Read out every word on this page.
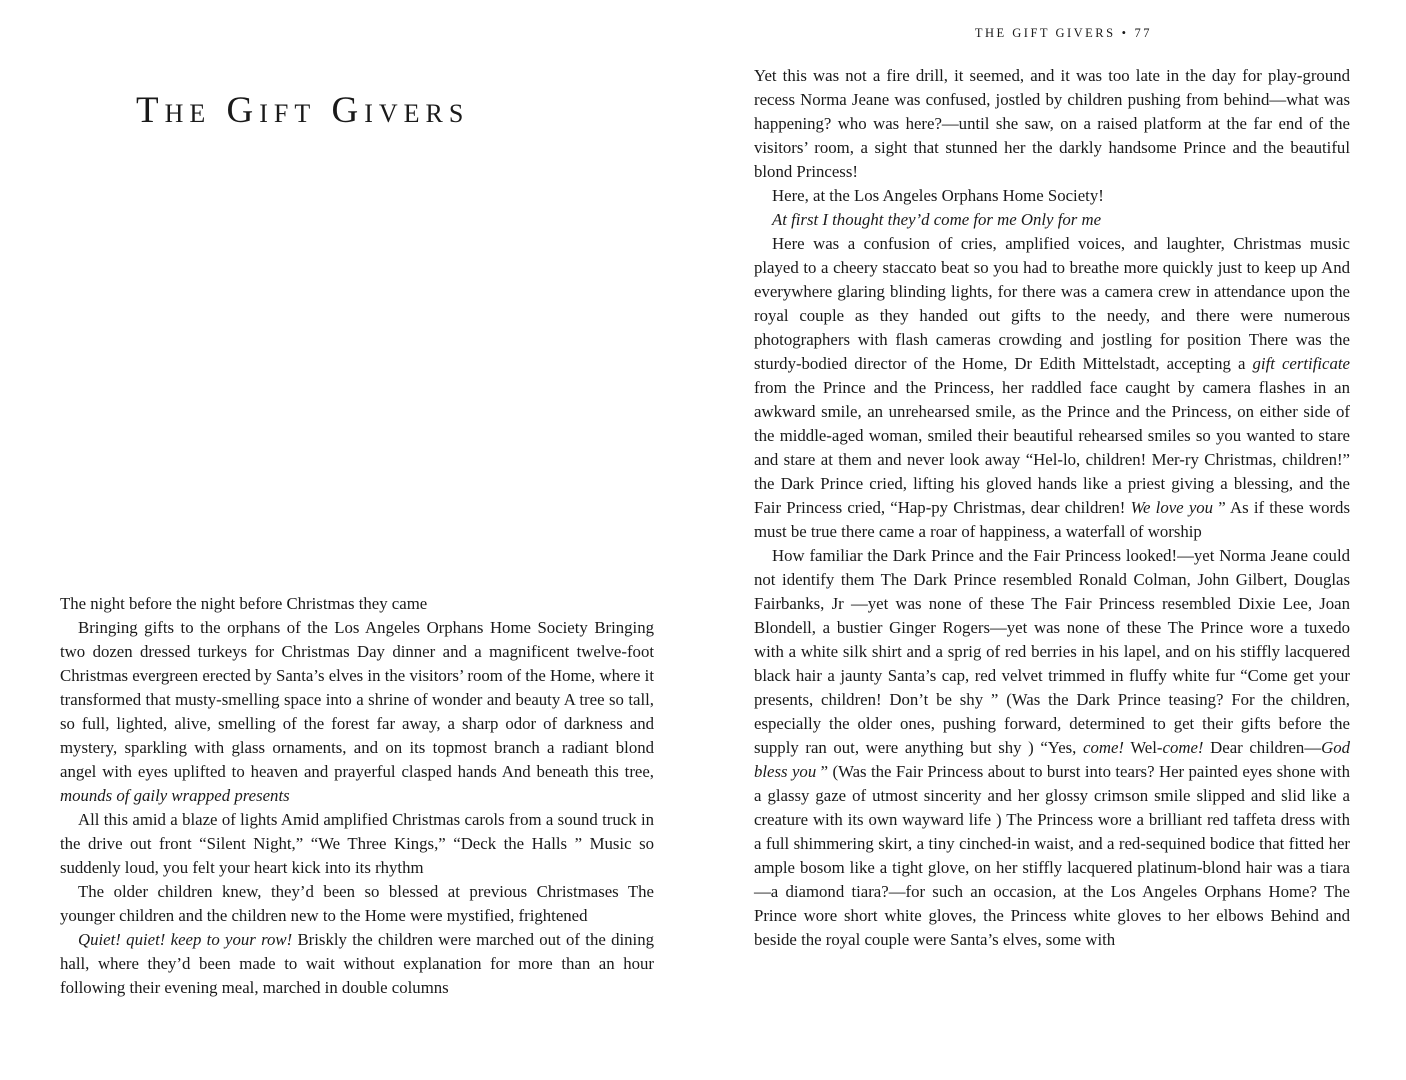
The Gift Givers

The night before the night before Christmas they came

Bringing gifts to the orphans of the Los Angeles Orphans Home Society Bringing two dozen dressed turkeys for Christmas Day dinner and a magnificent twelve-foot Christmas evergreen erected by Santa’s elves in the visitors’ room of the Home, where it transformed that musty-smelling space into a shrine of wonder and beauty A tree so tall, so full, lighted, alive, smelling of the forest far away, a sharp odor of darkness and mystery, sparkling with glass ornaments, and on its topmost branch a radiant blond angel with eyes uplifted to heaven and prayerful clasped hands And beneath this tree, mounds of gaily wrapped presents

All this amid a blaze of lights Amid amplified Christmas carols from a sound truck in the drive out front “Silent Night,” “We Three Kings,” “Deck the Halls ” Music so suddenly loud, you felt your heart kick into its rhythm

The older children knew, they’d been so blessed at previous Christmases The younger children and the children new to the Home were mystified, frightened

Quiet! quiet! keep to your row! Briskly the children were marched out of the dining hall, where they’d been made to wait without explanation for more than an hour following their evening meal, marched in double columns

THE GIFT GIVERS • 77

Yet this was not a fire drill, it seemed, and it was too late in the day for play-ground recess Norma Jeane was confused, jostled by children pushing from behind—what was happening? who was here?—until she saw, on a raised platform at the far end of the visitors’ room, a sight that stunned her the darkly handsome Prince and the beautiful blond Princess!

Here, at the Los Angeles Orphans Home Society!

At first I thought they’d come for me Only for me

Here was a confusion of cries, amplified voices, and laughter, Christmas music played to a cheery staccato beat so you had to breathe more quickly just to keep up And everywhere glaring blinding lights, for there was a camera crew in attendance upon the royal couple as they handed out gifts to the needy, and there were numerous photographers with flash cameras crowding and jostling for position There was the sturdy-bodied director of the Home, Dr Edith Mittelstadt, accepting a gift certificate from the Prince and the Princess, her raddled face caught by camera flashes in an awkward smile, an unrehearsed smile, as the Prince and the Princess, on either side of the middle-aged woman, smiled their beautiful rehearsed smiles so you wanted to stare and stare at them and never look away “Hel-lo, children! Mer-ry Christmas, children!” the Dark Prince cried, lifting his gloved hands like a priest giving a blessing, and the Fair Princess cried, “Hap-py Christmas, dear children! We love you ” As if these words must be true there came a roar of happiness, a waterfall of worship

How familiar the Dark Prince and the Fair Princess looked!—yet Norma Jeane could not identify them The Dark Prince resembled Ronald Colman, John Gilbert, Douglas Fairbanks, Jr —yet was none of these The Fair Princess resembled Dixie Lee, Joan Blondell, a bustier Ginger Rogers—yet was none of these The Prince wore a tuxedo with a white silk shirt and a sprig of red berries in his lapel, and on his stiffly lacquered black hair a jaunty Santa’s cap, red velvet trimmed in fluffy white fur “Come get your presents, children! Don’t be shy ” (Was the Dark Prince teasing? For the children, especially the older ones, pushing forward, determined to get their gifts before the supply ran out, were anything but shy ) “Yes, come! Wel-come! Dear children—God bless you ” (Was the Fair Princess about to burst into tears? Her painted eyes shone with a glassy gaze of utmost sincerity and her glossy crimson smile slipped and slid like a creature with its own wayward life ) The Princess wore a brilliant red taffeta dress with a full shimmering skirt, a tiny cinched-in waist, and a red-sequined bodice that fitted her ample bosom like a tight glove, on her stiffly lacquered platinum-blond hair was a tiara—a diamond tiara?—for such an occasion, at the Los Angeles Orphans Home? The Prince wore short white gloves, the Princess white gloves to her elbows Behind and beside the royal couple were Santa’s elves, some with
